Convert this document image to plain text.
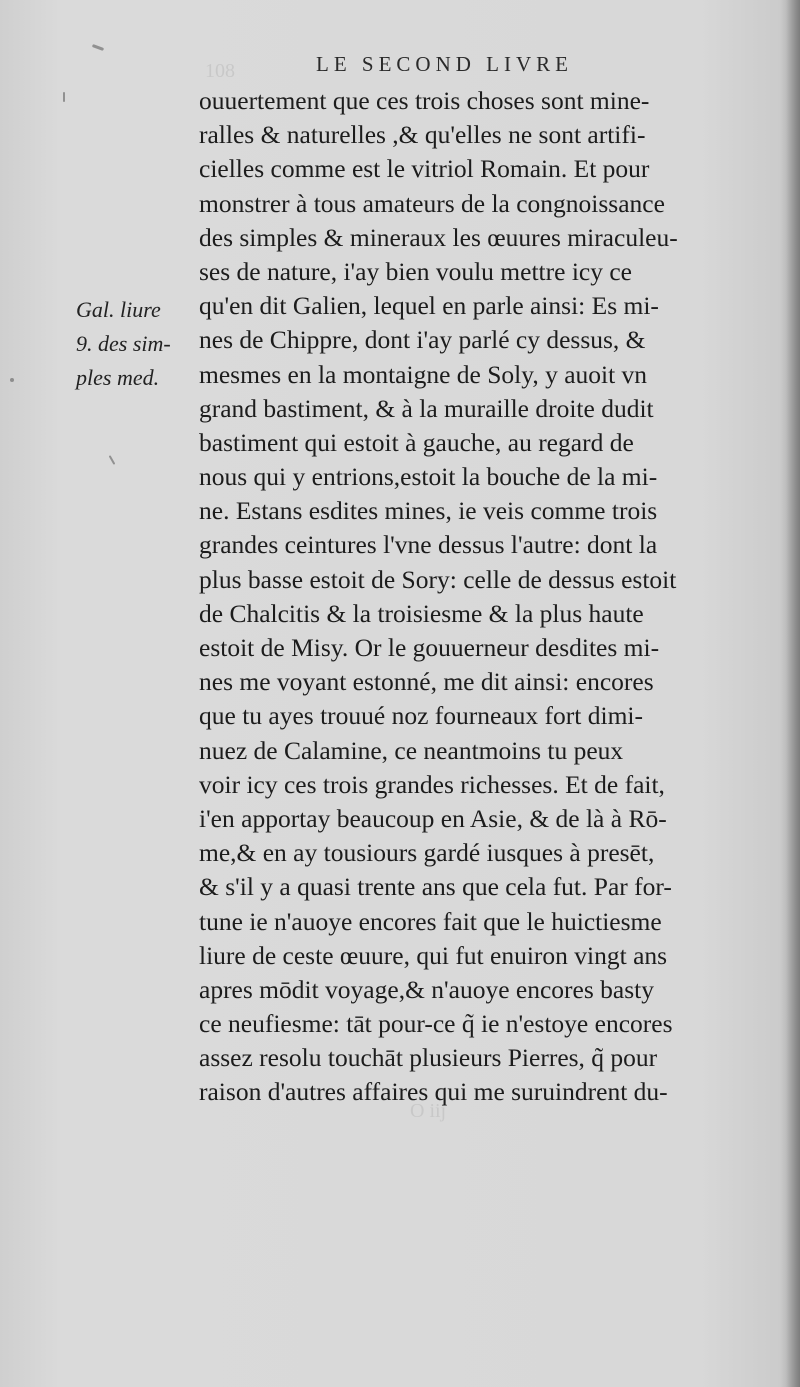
108
O iij
LE SECOND LIVRE
Gal. liure
9. des sim-
ples med.
ouuertement que ces trois choses sont mine-
ralles & naturelles ,& qu'elles ne sont artifi-
cielles comme est le vitriol Romain. Et pour
monstrer à tous amateurs de la congnoissance
des simples & mineraux les œuures miraculeu-
ses de nature, i'ay bien voulu mettre icy ce
qu'en dit Galien, lequel en parle ainsi: Es mi-
nes de Chippre, dont i'ay parlé cy dessus, &
mesmes en la montaigne de Soly, y auoit vn
grand bastiment, & à la muraille droite dudit
bastiment qui estoit à gauche, au regard de
nous qui y entrions,estoit la bouche de la mi-
ne. Estans esdites mines, ie veis comme trois
grandes ceintures l'vne dessus l'autre: dont la
plus basse estoit de Sory: celle de dessus estoit
de Chalcitis & la troisiesme & la plus haute
estoit de Misy. Or le gouuerneur desdites mi-
nes me voyant estonné, me dit ainsi: encores
que tu ayes trouué noz fourneaux fort dimi-
nuez de Calamine, ce neantmoins tu peux
voir icy ces trois grandes richesses. Et de fait,
i'en apportay beaucoup en Asie, & de là à Rō-
me,& en ay tousiours gardé iusques à presēt,
& s'il y a quasi trente ans que cela fut. Par for-
tune ie n'auoye encores fait que le huictiesme
liure de ceste œuure, qui fut enuiron vingt ans
apres mōdit voyage,& n'auoye encores basty
ce neufiesme: tāt pour-ce q̃ ie n'estoye encores
assez resolu touchāt plusieurs Pierres, q̃ pour
raison d'autres affaires qui me suruindrent du-
